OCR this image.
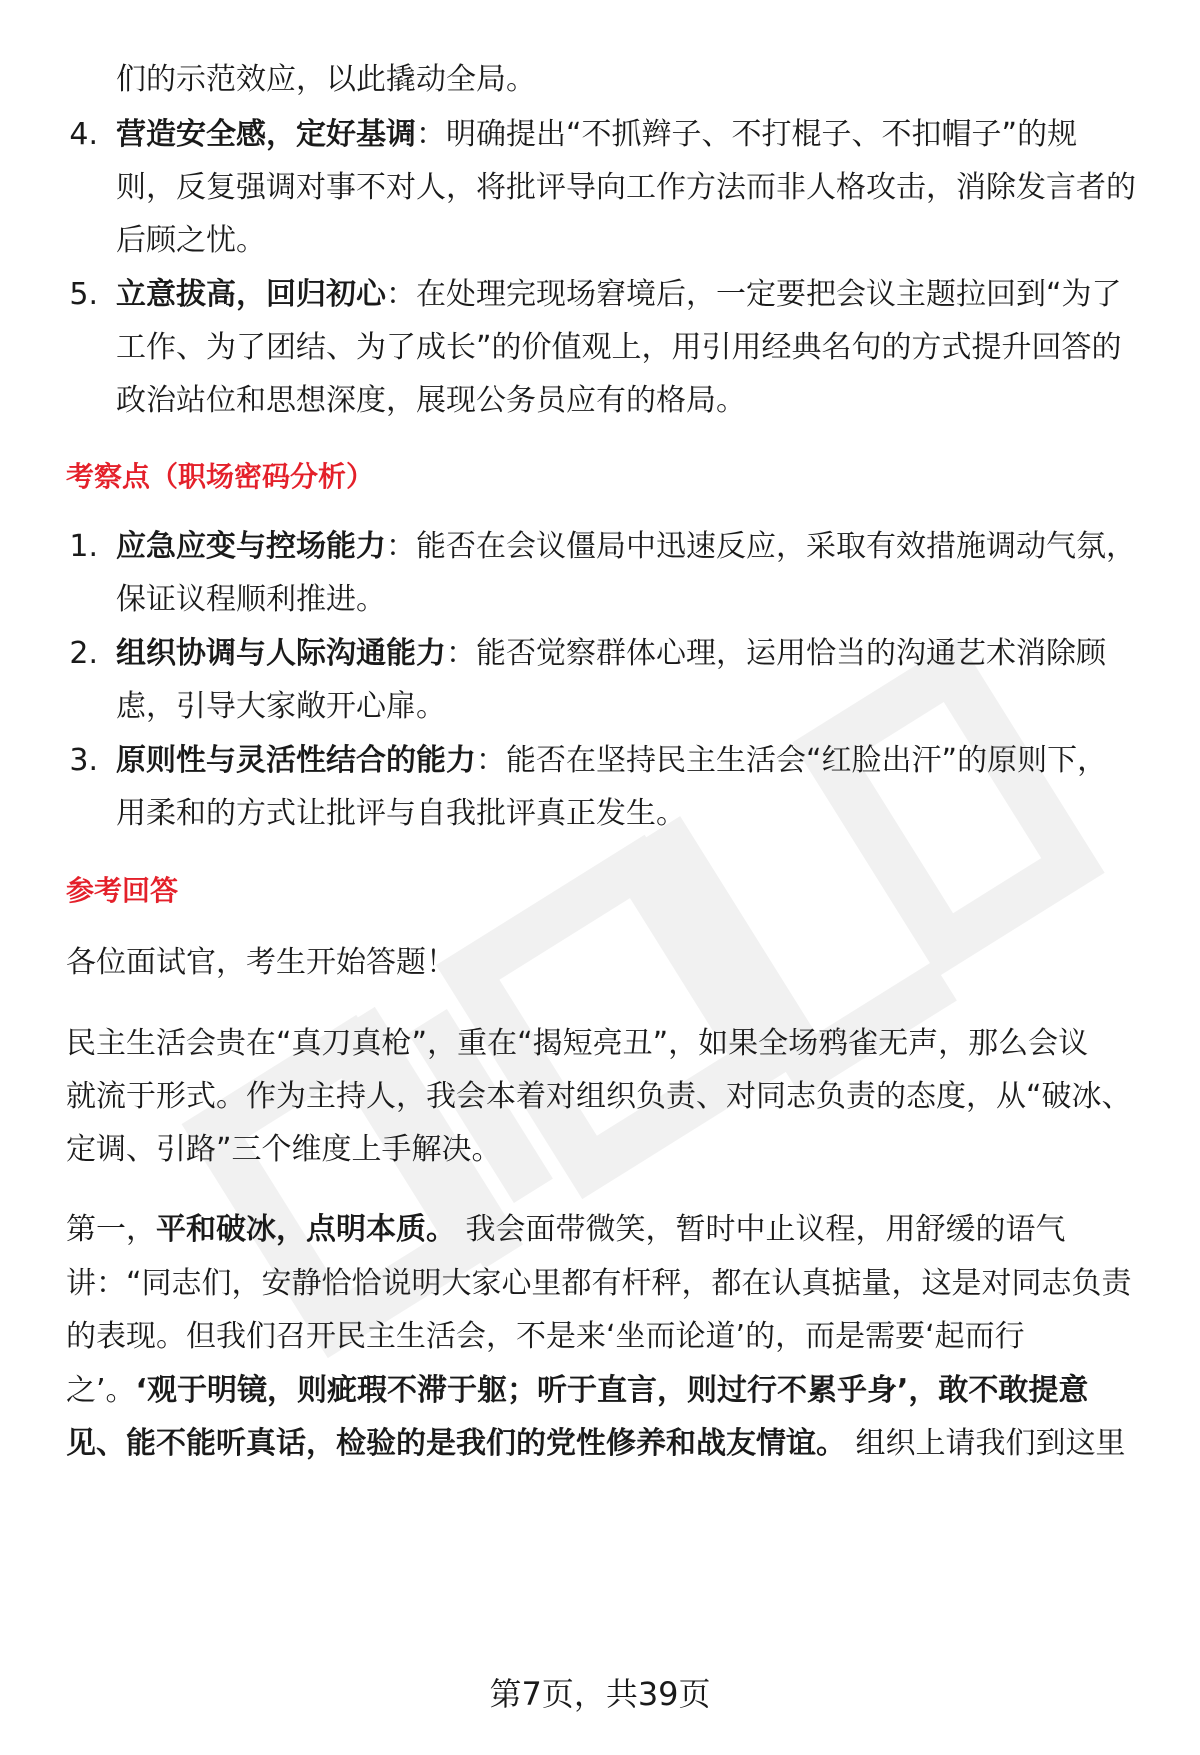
们的示范效应，以此撬动全局。
4. 营造安全感，定好基调：明确提出“不抓辫子、不打棍子、不扣帽子”的规
则，反复强调对事不对人，将批评导向工作方法而非人格攻击，消除发言者的
后顾之忧。
5. 立意拔高，回归初心：在处理完现场窘境后，一定要把会议主题拉回到“为了
工作、为了团结、为了成长”的价值观上，用引用经典名句的方式提升回答的
政治站位和思想深度，展现公务员应有的格局。
考察点（职场密码分析）
1. 应急应变与控场能力：能否在会议僵局中迅速反应，采取有效措施调动气氛，
保证议程顺利推进。
2. 组织协调与人际沟通能力：能否觉察群体心理，运用恰当的沟通艺术消除顾
虑，引导大家敞开心扉。
3. 原则性与灵活性结合的能力：能否在坚持民主生活会“红脸出汗”的原则下，
用柔和的方式让批评与自我批评真正发生。
参考回答
各位面试官，考生开始答题！
民主生活会贵在“真刀真枪”，重在“揭短亮丑”，如果全场鸦雀无声，那么会议
就流于形式。作为主持人，我会本着对组织负责、对同志负责的态度，从“破冰、
定调、引路”三个维度上手解决。
第一，平和破冰，点明本质。 我会面带微笑，暂时中止议程，用舒缓的语气
讲：“同志们，安静恰恰说明大家心里都有杆秤，都在认真掂量，这是对同志负责
的表现。但我们召开民主生活会，不是来‘坐而论道’的，而是需要‘起而行
之’。‘观于明镜，则疵瑕不滞于躯；听于直言，则过行不累乎身’，敢不敢提意
见、能不能听真话，检验的是我们的党性修养和战友情谊。 组织上请我们到这里
第7页，共39页
